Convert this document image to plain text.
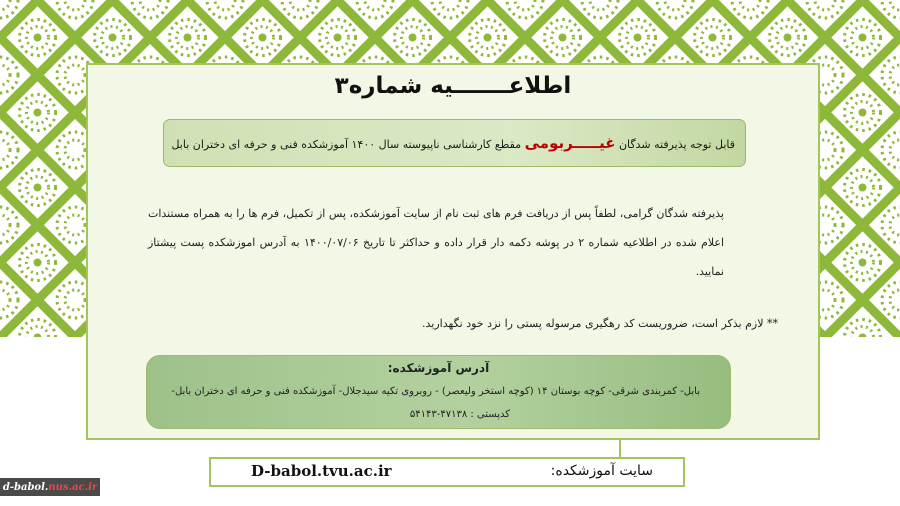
اطلاعـــــــیه شماره۳

قابل توجه پذیرفته شدگان غیـــــربومی مقطع کارشناسی ناپیوسته سال ۱۴۰۰ آموزشکده فنی و حرفه ای دختران بابل

پذیرفته شدگان گرامی، لطفاً پس از دریافت فرم های ثبت نام از سایت آموزشکده، پس از تکمیل، فرم ها را به همراه مستندات اعلام شده در اطلاعیه شماره ۲ در پوشه دکمه دار قرار داده و حداکثر تا تاریخ ۱۴۰۰/۰۷/۰۶ به آدرس اموزشکده پست پیشتاز نمایید.
** لازم بذکر است، ضروریست کد رهگیری مرسوله پستی را نزد خود نگهدارید.
آدرس آموزشکده:
بابل- کمربندی شرقی- کوچه بوستان ۱۴ (کوچه استخر ولیعصر) - روبروی تکیه سیدجلال- آموزشکده فنی و حرفه ای دختران بابل-
کدپستی : ۴۷۱۳۸-۵۴۱۴۳
D-babol.tvu.ac.ir	سایت آموزشکده:
d-babol. nus.ac.ir
